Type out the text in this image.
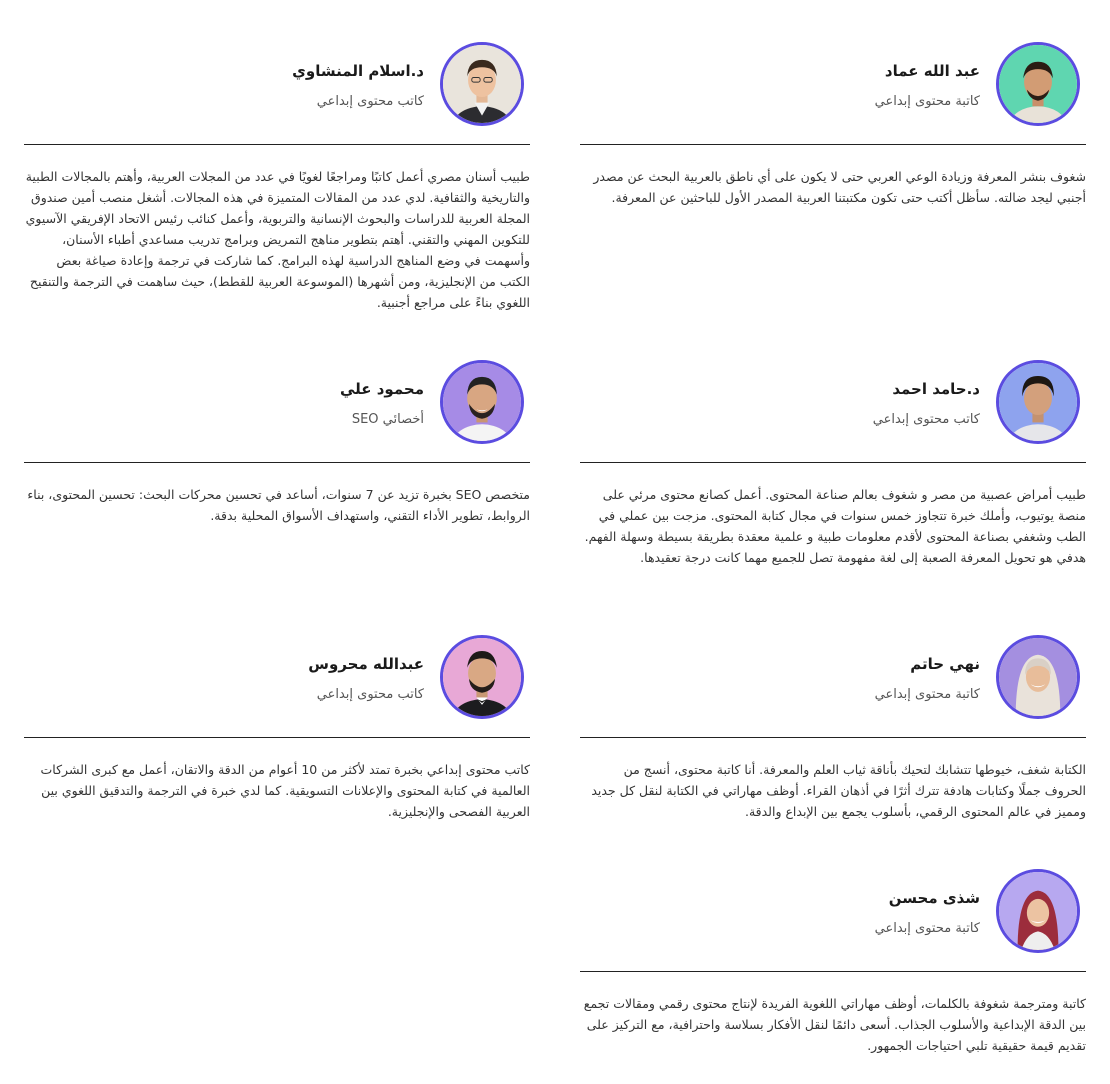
عبد الله عماد
كاتبة محتوى إبداعي

شغوف بنشر المعرفة وزيادة الوعي العربي حتى لا يكون على أي ناطق بالعربية البحث عن مصدر أجنبي ليجد ضالته. سأظل أكتب حتى تكون مكتبتنا العربية المصدر الأول للباحثين عن المعرفة.

د.اسلام المنشاوي
كاتب محتوى إبداعي

طبيب أسنان مصري أعمل كاتبًا ومراجعًا لغويًا في عدد من المجلات العربية، وأهتم بالمجالات الطبية والتاريخية والثقافية. لدي عدد من المقالات المتميزة في هذه المجالات. أشغل منصب أمين صندوق المجلة العربية للدراسات والبحوث الإنسانية والتربوية، وأعمل كنائب رئيس الاتحاد الإفريقي الآسيوي للتكوين المهني والتقني. أهتم بتطوير مناهج التمريض وبرامج تدريب مساعدي أطباء الأسنان، وأسهمت في وضع المناهج الدراسية لهذه البرامج. كما شاركت في ترجمة وإعادة صياغة بعض الكتب من الإنجليزية، ومن أشهرها (الموسوعة العربية للقطط)، حيث ساهمت في الترجمة والتنقيح اللغوي بناءً على مراجع أجنبية.

د.حامد احمد
كاتب محتوى إبداعي

طبيب أمراض عصبية من مصر و شغوف بعالم صناعة المحتوى. أعمل كصانع محتوى مرئي على منصة يوتيوب، وأملك خبرة تتجاوز خمس سنوات في مجال كتابة المحتوى. مزجت بين عملي في الطب وشغفي بصناعة المحتوى لأقدم معلومات طبية و علمية معقدة بطريقة بسيطة وسهلة الفهم. هدفي هو تحويل المعرفة الصعبة إلى لغة مفهومة تصل للجميع مهما كانت درجة تعقيدها.

محمود علي
أخصائي SEO

متخصص SEO بخبرة تزيد عن 7 سنوات، أساعد في تحسين محركات البحث: تحسين المحتوى، بناء الروابط، تطوير الأداء التقني، واستهداف الأسواق المحلية بدقة.

نهي حاتم
كاتبة محتوى إبداعي

الكتابة شغف، خيوطها تتشابك لتحيك بأناقة ثياب العلم والمعرفة. أنا كاتبة محتوى، أنسج من الحروف جملًا وكتابات هادفة تترك أثرًا في أذهان القراء. أوظف مهاراتي في الكتابة لنقل كل جديد ومميز في عالم المحتوى الرقمي، بأسلوب يجمع بين الإبداع والدقة.

عبدالله محروس
كاتب محتوى إبداعي

كاتب محتوى إبداعي بخبرة تمتد لأكثر من 10 أعوام من الدقة والاتقان، أعمل مع كبرى الشركات العالمية في كتابة المحتوى والإعلانات التسويقية. كما لدي خبرة في الترجمة والتدقيق اللغوي بين العربية الفصحى والإنجليزية.

شذى محسن
كاتبة محتوى إبداعي

كاتبة ومترجمة شغوفة بالكلمات، أوظف مهاراتي اللغوية الفريدة لإنتاج محتوى رقمي ومقالات تجمع بين الدقة الإبداعية والأسلوب الجذاب. أسعى دائمًا لنقل الأفكار بسلاسة واحترافية، مع التركيز على تقديم قيمة حقيقية تلبي احتياجات الجمهور.
